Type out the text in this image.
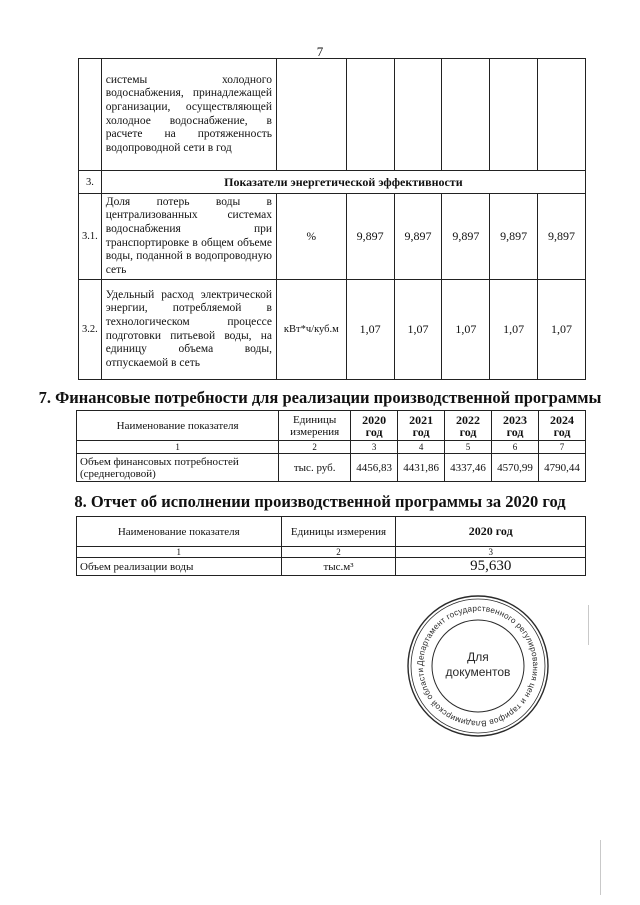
7
	системы холодного водоснабжения, принадлежащей организации, осуществляющей холодное водоснабжение, в расчете на протяженность водопроводной сети в год						
3.	Показатели энергетической эффективности						
3.1.	Доля потерь воды в централизованных системах водоснабжения при транспортировке в общем объеме воды, поданной в водопроводную сеть	%	9,897	9,897	9,897	9,897	9,897
3.2.	Удельный расход электрической энергии, потребляемой в технологическом процессе подготовки питьевой воды, на единицу объема воды, отпускаемой в сеть	кВт*ч/куб.м	1,07	1,07	1,07	1,07	1,07
7. Финансовые потребности для реализации производственной программы
Наименование показателя	Единицы измерения	2020 год	2021 год	2022 год	2023 год	2024 год
1	2	3	4	5	6	7
Объем финансовых потребностей (среднегодовой)	тыс. руб.	4456,83	4431,86	4337,46	4570,99	4790,44
8. Отчет об исполнении производственной программы за 2020 год
Наименование показателя	Единицы измерения	2020 год
1	2	3
Объем реализации воды	тыс.м³	95,630
Департамент государственного регулирования цен и тарифов Владимирской области
Для
документов
